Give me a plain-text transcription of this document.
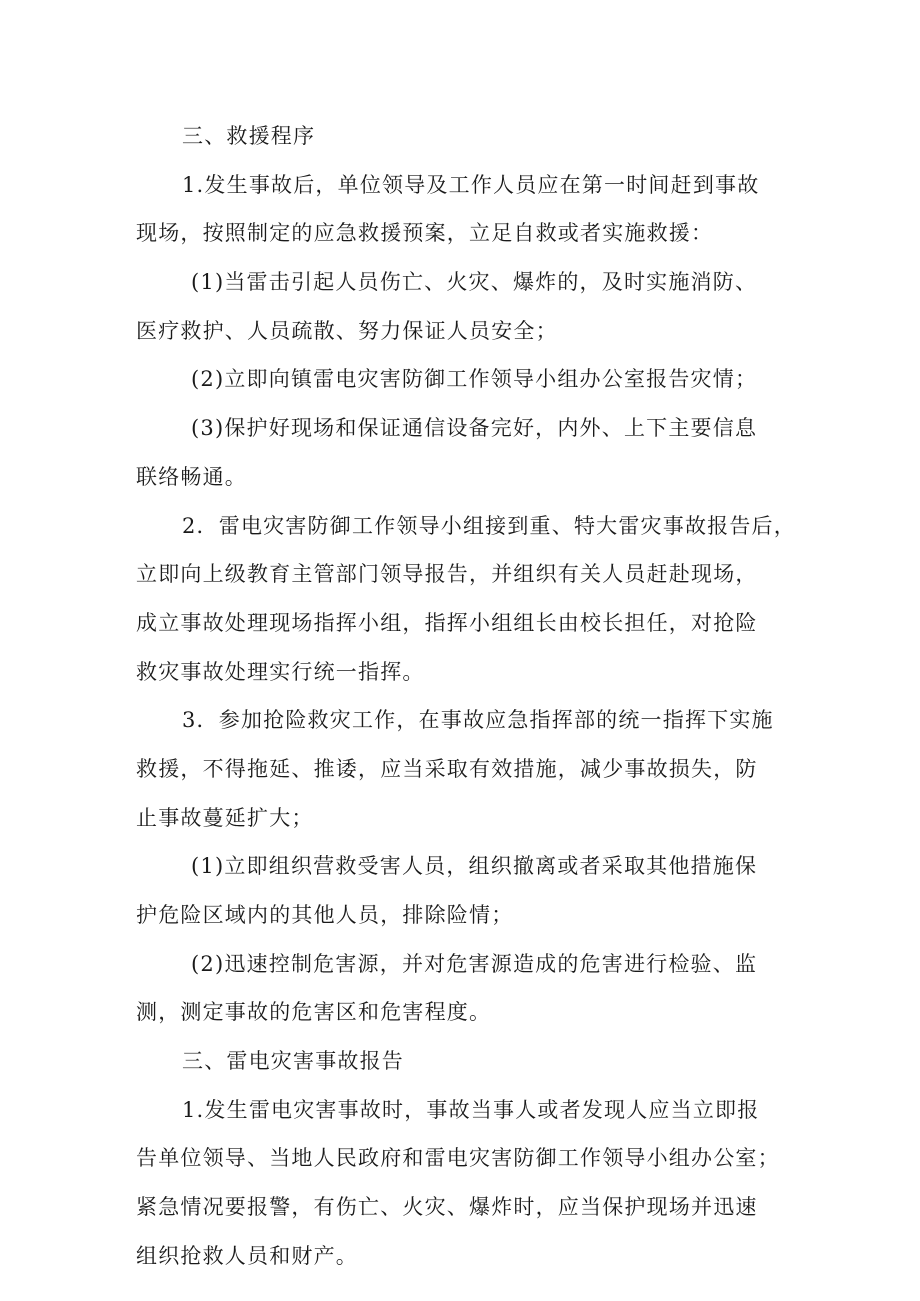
三、救援程序
1.发生事故后，单位领导及工作人员应在第一时间赶到事故
现场，按照制定的应急救援预案，立足自救或者实施救援：
(1)当雷击引起人员伤亡、火灾、爆炸的，及时实施消防、
医疗救护、人员疏散、努力保证人员安全；
(2)立即向镇雷电灾害防御工作领导小组办公室报告灾情；
(3)保护好现场和保证通信设备完好，内外、上下主要信息
联络畅通。
2．雷电灾害防御工作领导小组接到重、特大雷灾事故报告后，
立即向上级教育主管部门领导报告，并组织有关人员赶赴现场，
成立事故处理现场指挥小组，指挥小组组长由校长担任，对抢险
救灾事故处理实行统一指挥。
3．参加抢险救灾工作，在事故应急指挥部的统一指挥下实施
救援，不得拖延、推诿，应当采取有效措施，减少事故损失，防
止事故蔓延扩大；
(1)立即组织营救受害人员，组织撤离或者采取其他措施保
护危险区域内的其他人员，排除险情；
(2)迅速控制危害源，并对危害源造成的危害进行检验、监
测，测定事故的危害区和危害程度。
三、雷电灾害事故报告
1.发生雷电灾害事故时，事故当事人或者发现人应当立即报
告单位领导、当地人民政府和雷电灾害防御工作领导小组办公室；
紧急情况要报警，有伤亡、火灾、爆炸时，应当保护现场并迅速
组织抢救人员和财产。
